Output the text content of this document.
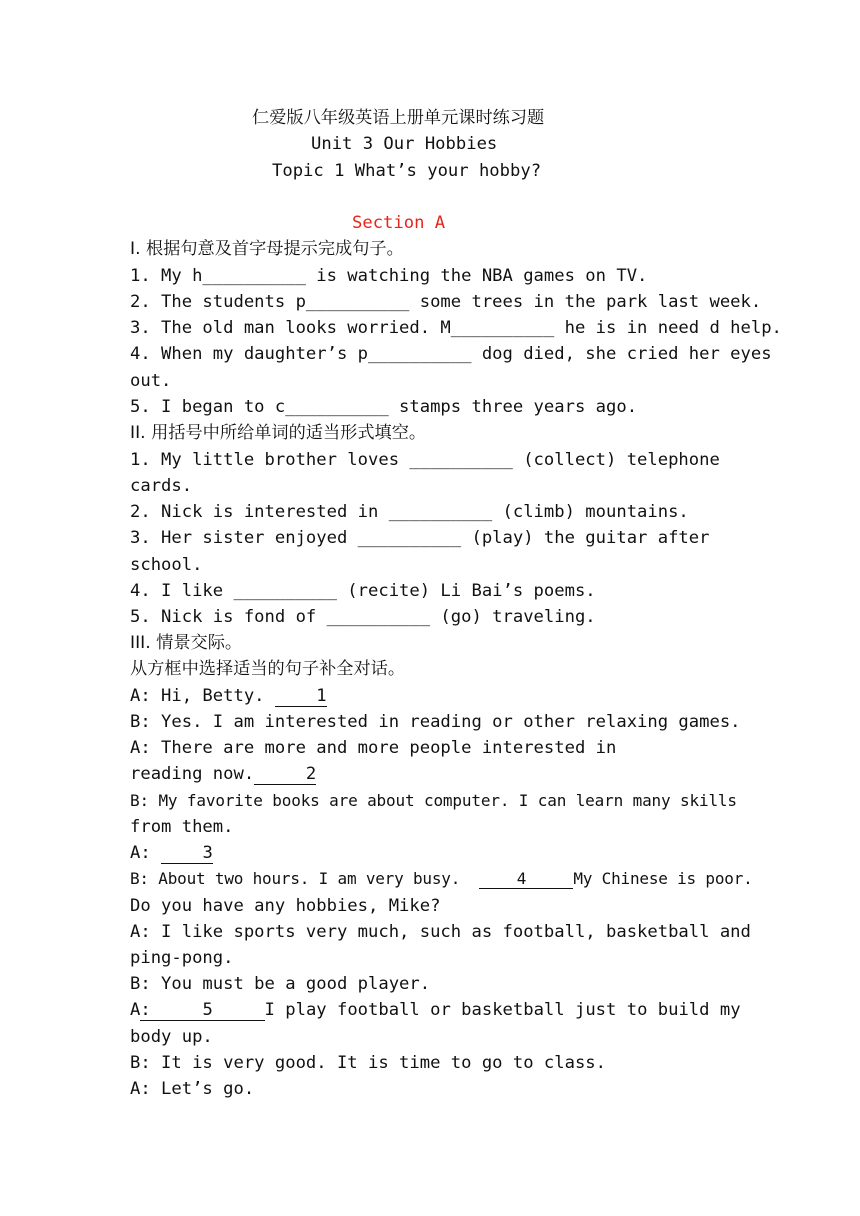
仁爱版八年级英语上册单元课时练习题
Unit 3 Our Hobbies
Topic 1 What’s your hobby?
Section A
I. 根据句意及首字母提示完成句子。
1. My h__________ is watching the NBA games on TV.
2. The students p__________ some trees in the park last week.
3. The old man looks worried. M__________ he is in need d help.
4. When my daughter’s p__________ dog died, she cried her eyes
out.
5. I began to c__________ stamps three years ago.
II. 用括号中所给单词的适当形式填空。
1. My little brother loves __________ (collect) telephone
cards.
2. Nick is interested in __________ (climb) mountains.
3. Her sister enjoyed __________ (play) the guitar after
school.
4. I like __________ (recite) Li Bai’s poems.
5. Nick is fond of __________ (go) traveling.
III. 情景交际。
从方框中选择适当的句子补全对话。
A: Hi, Betty.     1
B: Yes. I am interested in reading or other relaxing games.
A: There are more and more people interested in
reading now.     2
B: My favorite books are about computer. I can learn many skills
from them.
A:     3
B: About two hours. I am very busy.      4     My Chinese is poor.
Do you have any hobbies, Mike?
A: I like sports very much, such as football, basketball and
ping-pong.
B: You must be a good player.
A:     5     I play football or basketball just to build my
body up.
B: It is very good. It is time to go to class.
A: Let’s go.
